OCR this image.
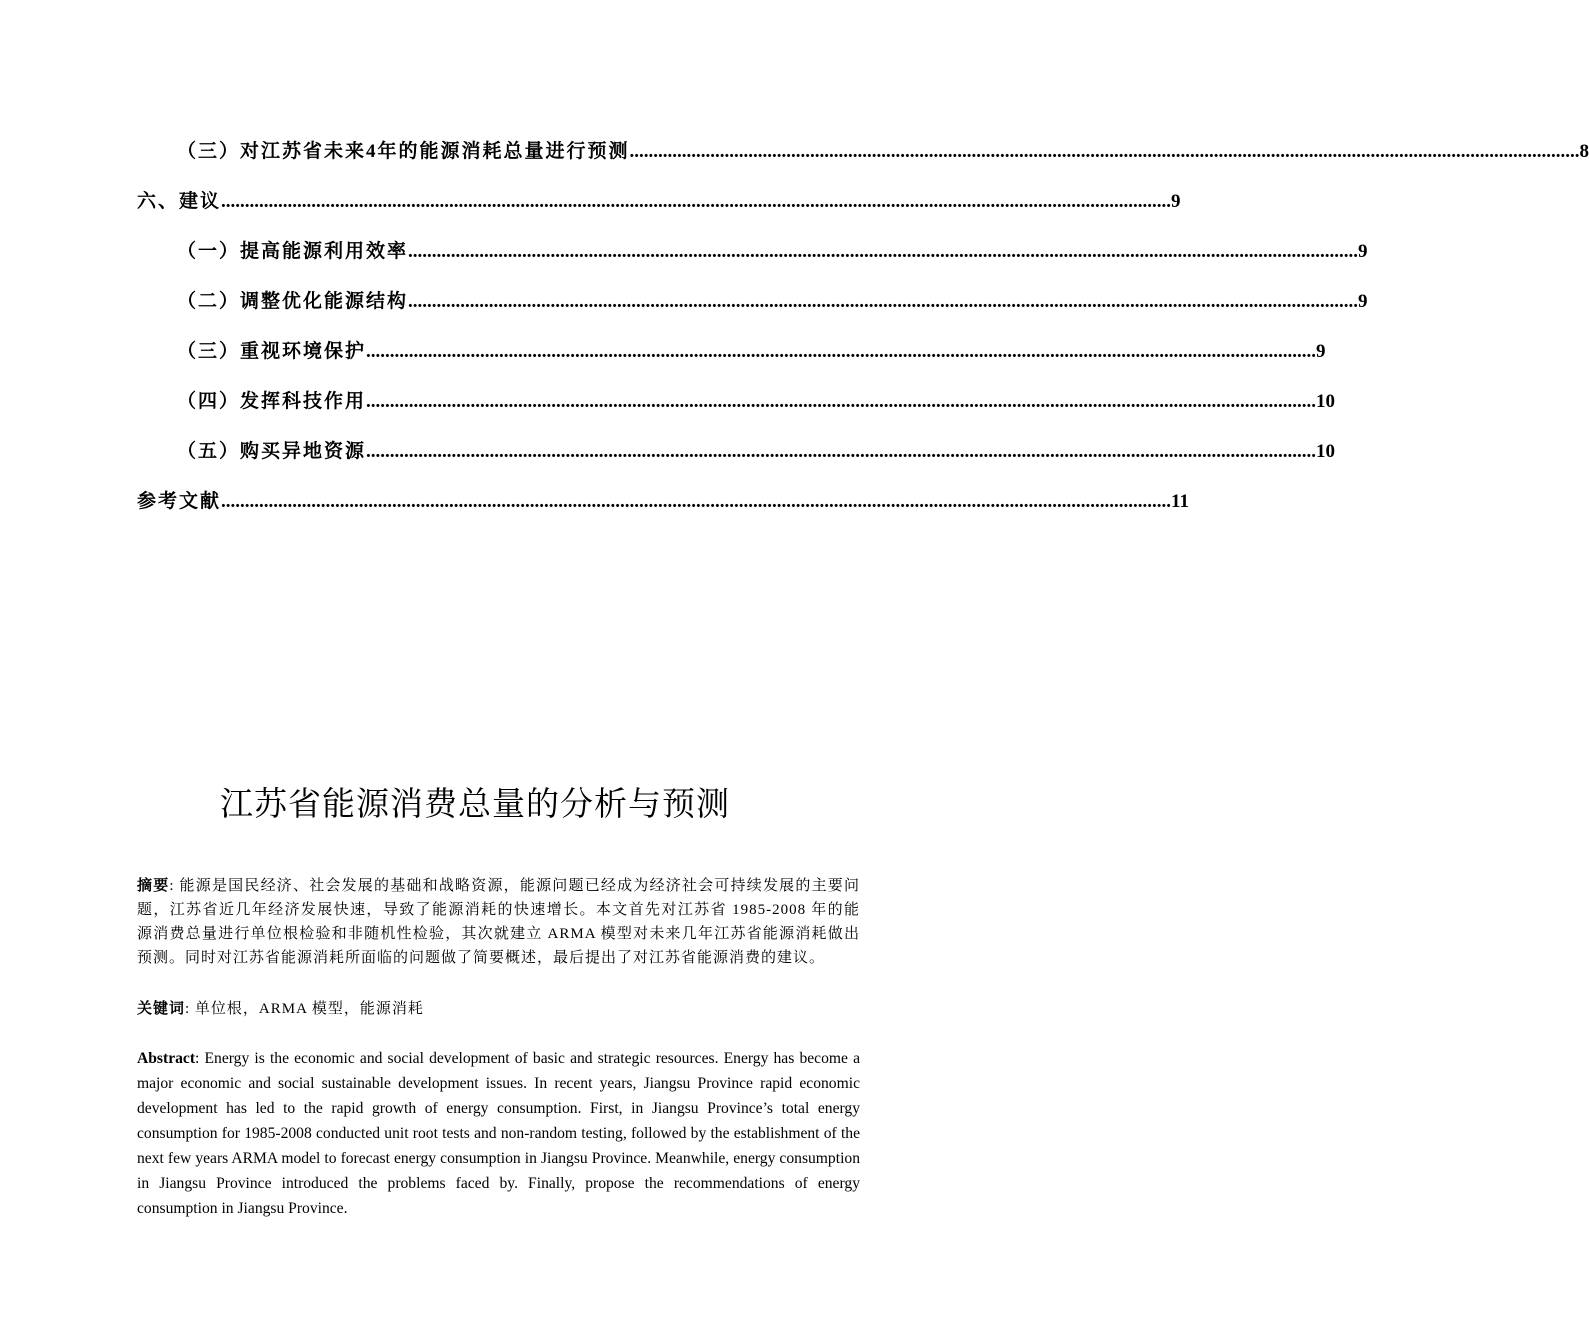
（三）对江苏省未来4年的能源消耗总量进行预测 ........................................................................................................................................................................................................ 8
六、建议 ........................................................................................................................................................................................................ 9
（一）提高能源利用效率 ........................................................................................................................................................................................................ 9
（二）调整优化能源结构 ........................................................................................................................................................................................................ 9
（三）重视环境保护 ........................................................................................................................................................................................................ 9
（四）发挥科技作用 ........................................................................................................................................................................................................ 10
（五）购买异地资源 ........................................................................................................................................................................................................ 10
参考文献 ........................................................................................................................................................................................................ 11
江苏省能源消费总量的分析与预测

摘要: 能源是国民经济、社会发展的基础和战略资源，能源问题已经成为经济社会可持续发展的主要问题，江苏省近几年经济发展快速，导致了能源消耗的快速增长。本文首先对江苏省 1985-2008 年的能源消费总量进行单位根检验和非随机性检验，其次就建立 ARMA 模型对未来几年江苏省能源消耗做出预测。同时对江苏省能源消耗所面临的问题做了简要概述，最后提出了对江苏省能源消费的建议。

关键词: 单位根，ARMA 模型，能源消耗

Abstract: Energy is the economic and social development of basic and strategic resources. Energy has become a major economic and social sustainable development issues. In recent years, Jiangsu Province rapid economic development has led to the rapid growth of energy consumption. First, in Jiangsu Province’s total energy consumption for 1985-2008 conducted unit root tests and non-random testing, followed by the establishment of the next few years ARMA model to forecast energy consumption in Jiangsu Province. Meanwhile, energy consumption in Jiangsu Province introduced the problems faced by. Finally, propose the recommendations of energy consumption in Jiangsu Province.
